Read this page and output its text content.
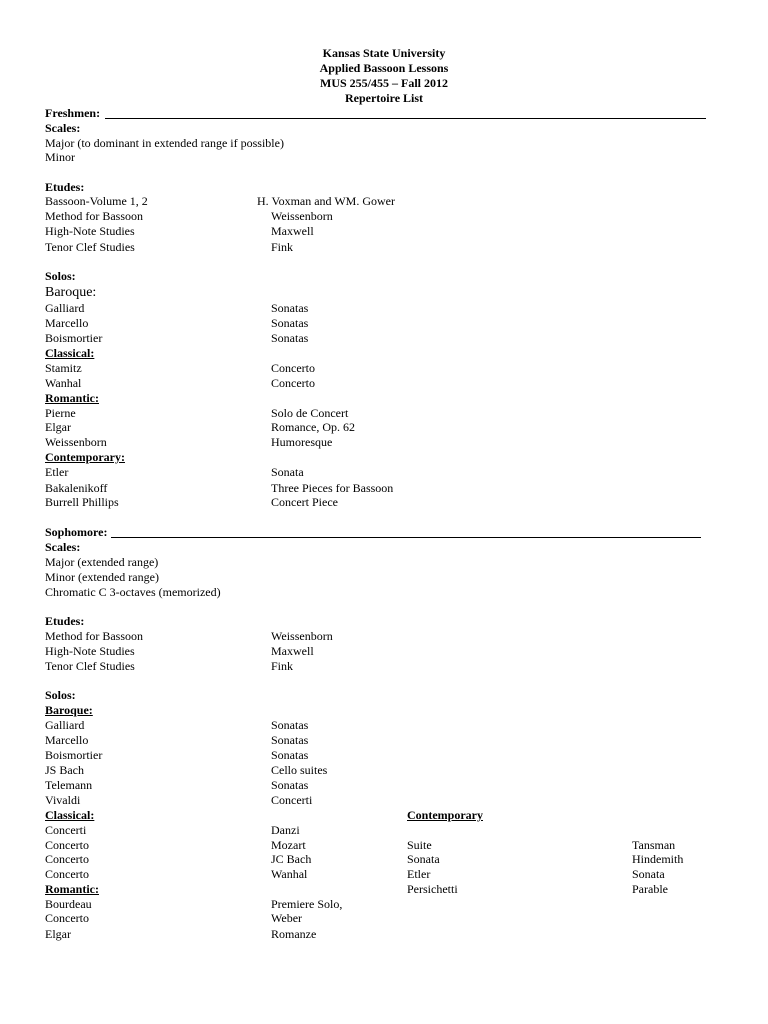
Kansas State University
Applied Bassoon Lessons
MUS 255/455 – Fall 2012
Repertoire List
Freshmen:
Scales:
Major (to dominant in extended range if possible)
Minor
Etudes:
Bassoon-Volume 1, 2	H. Voxman and WM. Gower
Method for Bassoon	Weissenborn
High-Note Studies	Maxwell
Tenor Clef Studies	Fink
Solos:
Baroque:
Galliard	Sonatas
Marcello	Sonatas
Boismortier	Sonatas
Classical:
Stamitz	Concerto
Wanhal	Concerto
Romantic:
Pierne	Solo de Concert
Elgar	Romance, Op. 62
Weissenborn	Humoresque
Contemporary:
Etler	Sonata
Bakalenikoff	Three Pieces for Bassoon
Burrell Phillips	Concert Piece
Sophomore:
Scales:
Major (extended range)
Minor (extended range)
Chromatic C 3-octaves (memorized)
Etudes:
Method for Bassoon	Weissenborn
High-Note Studies	Maxwell
Tenor Clef Studies	Fink
Solos:
Baroque:
Galliard	Sonatas
Marcello	Sonatas
Boismortier	Sonatas
JS Bach	Cello suites
Telemann	Sonatas
Vivaldi	Concerti
Classical:
Concerti	Danzi
Concerto	Mozart
Concerto	JC Bach
Concerto	Wanhal
Romantic:
Bourdeau	Premiere Solo,
Concerto	Weber
Elgar	Romanze
Contemporary
Suite	Tansman
Sonata	Hindemith
Etler	Sonata
Persichetti	Parable
